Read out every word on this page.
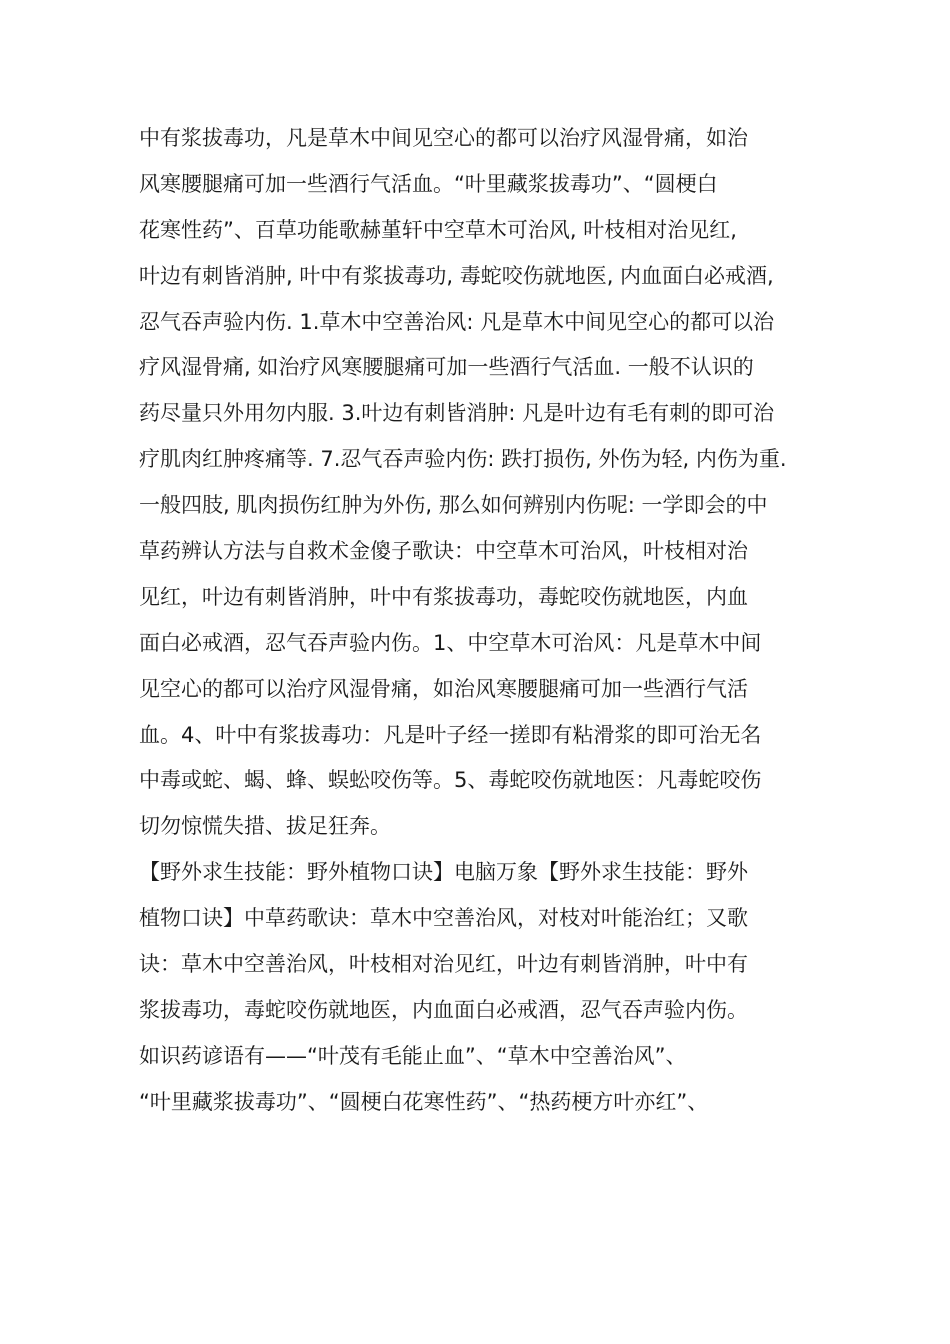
中有浆拔毒功，凡是草木中间见空心的都可以治疗风湿骨痛，如治
风寒腰腿痛可加一些酒行气活血。“叶里藏浆拔毒功”、“圆梗白
花寒性药”、百草功能歌赫堇轩中空草木可治风, 叶枝相对治见红,
叶边有刺皆消肿, 叶中有浆拔毒功, 毒蛇咬伤就地医, 内血面白必戒酒,
忍气吞声验内伤. 1.草木中空善治风: 凡是草木中间见空心的都可以治
疗风湿骨痛, 如治疗风寒腰腿痛可加一些酒行气活血. 一般不认识的
药尽量只外用勿内服. 3.叶边有刺皆消肿: 凡是叶边有毛有刺的即可治
疗肌肉红肿疼痛等. 7.忍气吞声验内伤: 跌打损伤, 外伤为轻, 内伤为重.
一般四肢, 肌肉损伤红肿为外伤, 那么如何辨别内伤呢: 一学即会的中
草药辨认方法与自救术金傻子歌诀：中空草木可治风，叶枝相对治
见红，叶边有刺皆消肿，叶中有浆拔毒功，毒蛇咬伤就地医，内血
面白必戒酒，忍气吞声验内伤。1、中空草木可治风：凡是草木中间
见空心的都可以治疗风湿骨痛，如治风寒腰腿痛可加一些酒行气活
血。4、叶中有浆拔毒功：凡是叶子经一搓即有粘滑浆的即可治无名
中毒或蛇、蝎、蜂、蜈蚣咬伤等。5、毒蛇咬伤就地医：凡毒蛇咬伤
切勿惊慌失措、拔足狂奔。
【野外求生技能：野外植物口诀】电脑万象【野外求生技能：野外
植物口诀】中草药歌诀：草木中空善治风，对枝对叶能治红；又歌
诀：草木中空善治风，叶枝相对治见红，叶边有刺皆消肿，叶中有
浆拔毒功，毒蛇咬伤就地医，内血面白必戒酒，忍气吞声验内伤。
如识药谚语有——“叶茂有毛能止血”、“草木中空善治风”、
“叶里藏浆拔毒功”、“圆梗白花寒性药”、“热药梗方叶亦红”、
